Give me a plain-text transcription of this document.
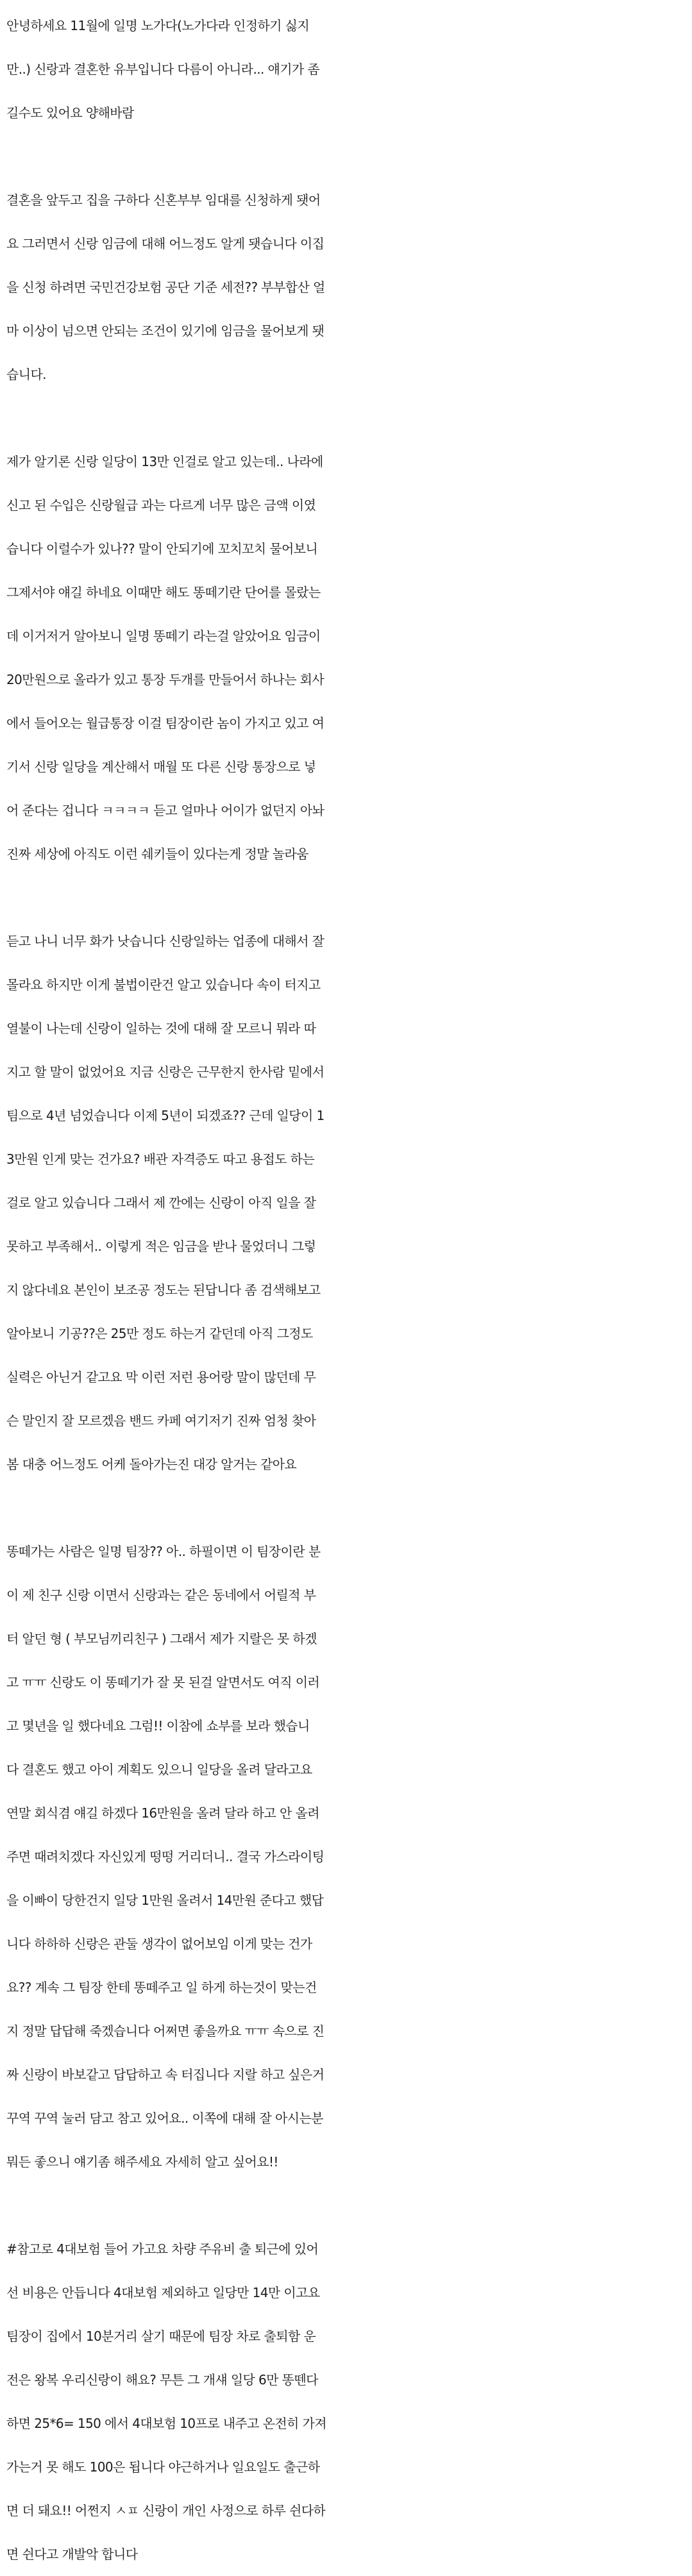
안녕하세요 11월에 일명 노가다(노가다라 인정하기 싫지
만..) 신랑과 결혼한 유부입니다 다름이 아니라... 얘기가 좀
길수도 있어요 양해바람
결혼을 앞두고 집을 구하다 신혼부부 임대를 신청하게 됏어
요 그러면서 신랑 임금에 대해 어느정도 알게 됏습니다 이집
을 신청 하려면 국민건강보험 공단 기준 세전?? 부부합산 얼
마 이상이 넘으면 안되는 조건이 있기에 임금을 물어보게 됏
습니다.
제가 알기론 신랑 일당이 13만 인걸로 알고 있는데.. 나라에
신고 된 수입은 신랑월급 과는 다르게 너무 많은 금액 이였
습니다 이럴수가 있나?? 말이 안되기에 꼬치꼬치 물어보니
그제서야 얘길 하네요 이때만 해도 똥떼기란 단어를 몰랐는
데 이거저거 알아보니 일명 똥떼기 라는걸 알았어요 임금이
20만원으로 올라가 있고 통장 두개를 만들어서 하나는 회사
에서 들어오는 월급통장 이걸 팀장이란 놈이 가지고 있고 여
기서 신랑 일당을 계산해서 매월 또 다른 신랑 통장으로 넣
어 준다는 겁니다 ㅋㅋㅋㅋ 듣고 얼마나 어이가 없던지 아놔
진짜 세상에 아직도 이런 쉐키들이 있다는게 정말 놀라움
듣고 나니 너무 화가 낫습니다 신랑일하는 업종에 대해서 잘
몰라요 하지만 이게 불법이란건 알고 있습니다 속이 터지고
열불이 나는데 신랑이 일하는 것에 대해 잘 모르니 뭐라 따
지고 할 말이 없었어요 지금 신랑은 근무한지 한사람 밑에서
팀으로 4년 넘었습니다 이제 5년이 되겠죠?? 근데 일당이 1
3만원 인게 맞는 건가요? 배관 자격증도 따고 용접도 하는
걸로 알고 있습니다 그래서 제 깐에는 신랑이 아직 일을 잘
못하고 부족해서.. 이렇게 적은 임금을 받나 물었더니 그렇
지 않다네요 본인이 보조공 정도는 된답니다 좀 검색해보고
알아보니 기공??은 25만 정도 하는거 같던데 아직 그정도
실력은 아닌거 같고요 막 이런 저런 용어랑 말이 많던데 무
슨 말인지 잘 모르겠음 밴드 카페 여기저기 진짜 엄청 찾아
봄 대충 어느정도 어케 돌아가는진 대강 알거는 같아요
똥떼가는 사람은 일명 팀장?? 아.. 하필이면 이 팀장이란 분
이 제 친구 신랑 이면서 신랑과는 같은 동네에서 어릴적 부
터 알던 형 ( 부모님끼리친구 ) 그래서 제가 지랄은 못 하겠
고 ㅠㅠ 신랑도 이 똥떼기가 잘 못 된걸 알면서도 여직 이러
고 몇년을 일 했다네요 그럼!! 이참에 쇼부를 보라 했습니
다 결혼도 했고 아이 계획도 있으니 일당을 올려 달라고요
연말 회식겸 얘길 하겠다 16만원을 올려 달라 하고 안 올려
주면 때려치겠다 자신있게 떵떵 거리더니.. 결국 가스라이팅
을 이빠이 당한건지 일당 1만원 올려서 14만원 준다고 했답
니다 하하하 신랑은 관둘 생각이 없어보임 이게 맞는 건가
요?? 계속 그 팀장 한테 똥떼주고 일 하게 하는것이 맞는건
지 정말 답답해 죽겠습니다 어쩌면 좋을까요 ㅠㅠ 속으로 진
짜 신랑이 바보같고 답답하고 속 터집니다 지랄 하고 싶은거
꾸역 꾸역 눌러 담고 참고 있어요.. 이쪽에 대해 잘 아시는분
뭐든 좋으니 얘기좀 해주세요 자세히 알고 싶어요!!
#참고로 4대보험 들어 가고요 차량 주유비 출 퇴근에 있어
선 비용은 안듭니다 4대보험 제외하고 일당만 14만 이고요
팀장이 집에서 10분거리 살기 때문에 팀장 차로 출퇴함 운
전은 왕복 우리신랑이 해요? 무튼 그 개섀 일당 6만 똥뗀다
하면 25*6= 150 에서 4대보험 10프로 내주고 온전히 가져
가는거 못 해도 100은 됩니다 야근하거나 일요일도 출근하
면 더 돼요!! 어쩐지 ㅅㅍ 신랑이 개인 사정으로 하루 쉰다하
면 쉰다고 개발악 합니다
